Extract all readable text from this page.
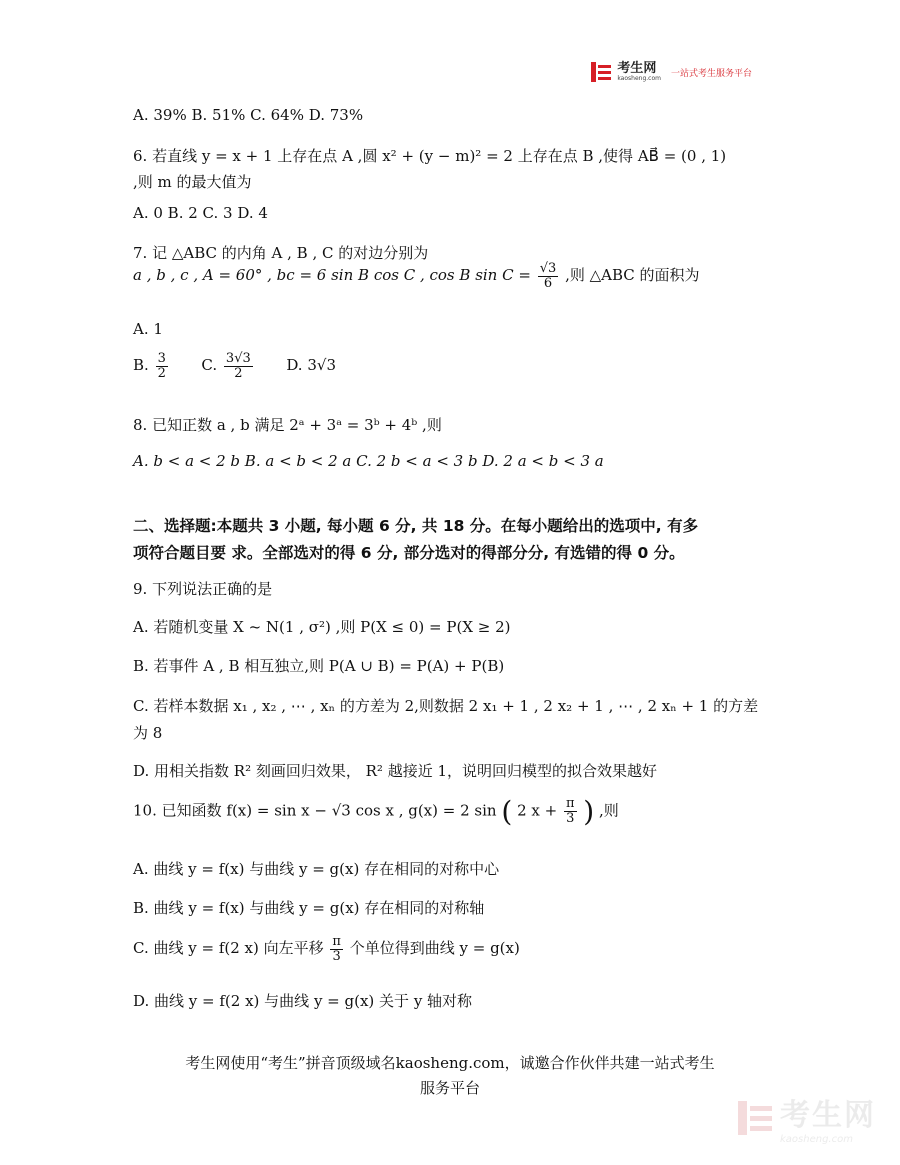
考生网
kaosheng.com 一站式考生服务平台
A. 39% B. 51% C. 64% D. 73%
6. 若直线 y = x + 1 上存在点 A ,圆 x² + (y − m)² = 2 上存在点 B ,使得 AB⃗ = (0 , 1)
,则 m 的最大值为
A. 0 B. 2 C. 3 D. 4
7. 记 △ABC 的内角 A , B , C 的对边分别为
a , b , c , A = 60° , bc = 6 sin B cos C , cos B $\sin C = \frac{√3}{6}$ ,则 △ABC 的面积为
A. 1
B. $\frac{3}{2} C$. $\frac{3√3}{2} D$. 3√3
8. 已知正数 a , b 满足 2ᵃ + 3ᵃ = 3ᵇ + 4ᵇ ,则
A. b < a < 2 b B. a < b < 2 a C. 2 b < a < 3 b D. 2 a < b < 3 a
二、选择题:本题共 3 小题, 每小题 6 分, 共 18 分。在每小题给出的选项中, 有多
项符合题目要 求。全部选对的得 6 分, 部分选对的得部分分, 有选错的得 0 分。
9. 下列说法正确的是
A. 若随机变量 X ~ N(1 , σ²) ,则 P(X ≤ 0) = P(X ≥ 2)
B. 若事件 A , B 相互独立,则 P(A ∪ B) = P(A) + P(B)
C. 若样本数据 x₁ , x₂ , ⋯ , xₙ 的方差为 2,则数据 2 x₁ + 1 , 2 x₂ + 1 , ⋯ , 2 xₙ + 1 的方差
为 8
D. 用相关指数 R² 刻画回归效果， R² 越接近 1，说明回归模型的拟合效果越好
10. 已知函数 f(x) = sin x − √3 cos x , g(x) = 2 sin ( 2 $x + \frac{\pi}{3}$ ) ,则
A. 曲线 y = f(x) 与曲线 y = g(x) 存在相同的对称中心
B. 曲线 y = f(x) 与曲线 y = g(x) 存在相同的对称轴
C. 曲线 y = f(2 x) 向左平移 $\frac{\pi}{3}$ 个单位得到曲线 y = g(x)
D. 曲线 y = f(2 x) 与曲线 y = g(x) 关于 y 轴对称
考生网使用“考生”拼音顶级域名kaosheng.com，诚邀合作伙伴共建一站式考生
服务平台
考生网
kaosheng.com
